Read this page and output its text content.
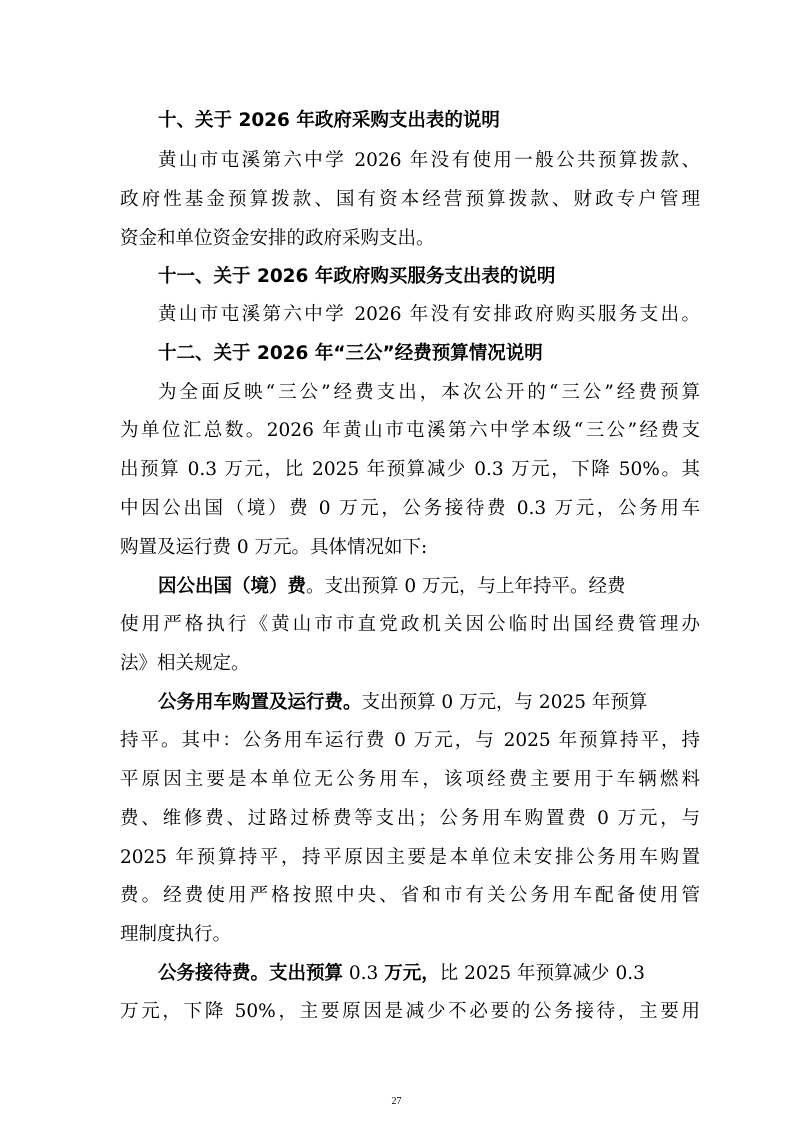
十、关于 2026 年政府采购支出表的说明

黄山市屯溪第六中学 2026 年没有使用一般公共预算拨款、

政府性基金预算拨款、国有资本经营预算拨款、财政专户管理

资金和单位资金安排的政府采购支出。

十一、关于 2026 年政府购买服务支出表的说明

黄山市屯溪第六中学 2026 年没有安排政府购买服务支出。

十二、关于 2026 年“三公”经费预算情况说明

为全面反映“三公”经费支出，本次公开的“三公”经费预算

为单位汇总数。2026 年黄山市屯溪第六中学本级“三公”经费支

出预算 0.3 万元，比 2025 年预算减少 0.3 万元，下降 50%。其

中因公出国（境）费 0 万元，公务接待费 0.3 万元，公务用车

购置及运行费 0 万元。具体情况如下:

因公出国（境）费。支出预算 0 万元，与上年持平。经费

使用严格执行《黄山市市直党政机关因公临时出国经费管理办

法》相关规定。

公务用车购置及运行费。支出预算 0 万元，与 2025 年预算

持平。其中：公务用车运行费 0 万元，与 2025 年预算持平，持

平原因主要是本单位无公务用车，该项经费主要用于车辆燃料

费、维修费、过路过桥费等支出；公务用车购置费 0 万元，与

2025 年预算持平，持平原因主要是本单位未安排公务用车购置

费。经费使用严格按照中央、省和市有关公务用车配备使用管

理制度执行。

公务接待费。支出预算 0.3 万元，比 2025 年预算减少 0.3

万元，下降 50%，主要原因是减少不必要的公务接待，主要用

27
